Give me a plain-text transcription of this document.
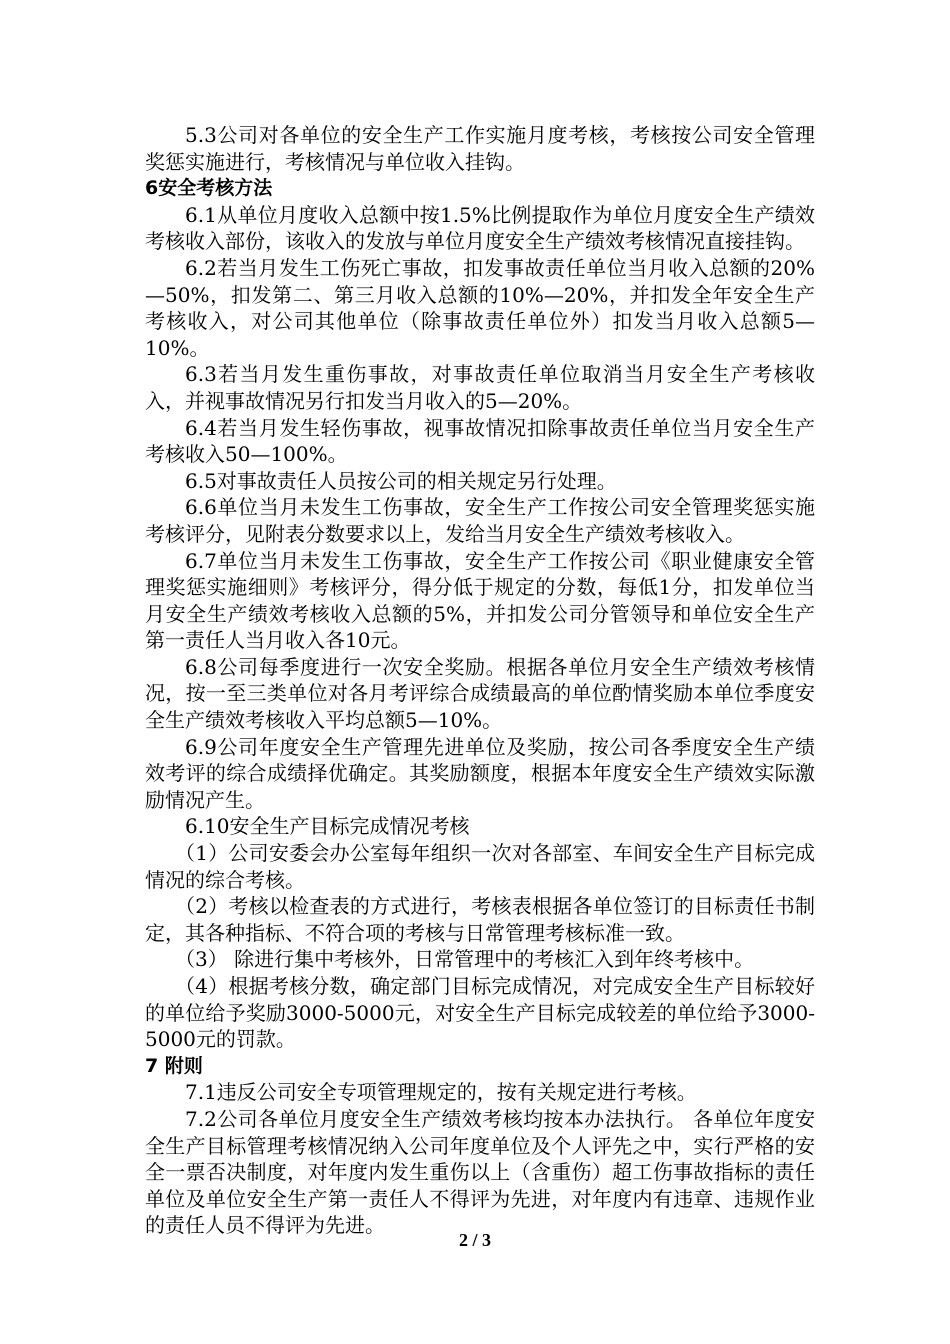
5.3公司对各单位的安全生产工作实施月度考核，考核按公司安全管理奖惩实施进行，考核情况与单位收入挂钩。

6安全考核方法

6.1从单位月度收入总额中按1.5%比例提取作为单位月度安全生产绩效考核收入部份，该收入的发放与单位月度安全生产绩效考核情况直接挂钩。

6.2若当月发生工伤死亡事故，扣发事故责任单位当月收入总额的20%—50%，扣发第二、第三月收入总额的10%—20%，并扣发全年安全生产考核收入，对公司其他单位（除事故责任单位外）扣发当月收入总额5—10%。

6.3若当月发生重伤事故，对事故责任单位取消当月安全生产考核收入，并视事故情况另行扣发当月收入的5—20%。

6.4若当月发生轻伤事故，视事故情况扣除事故责任单位当月安全生产考核收入50—100%。

6.5对事故责任人员按公司的相关规定另行处理。

6.6单位当月未发生工伤事故，安全生产工作按公司安全管理奖惩实施考核评分，见附表分数要求以上，发给当月安全生产绩效考核收入。

6.7单位当月未发生工伤事故，安全生产工作按公司《职业健康安全管理奖惩实施细则》考核评分，得分低于规定的分数，每低1分，扣发单位当月安全生产绩效考核收入总额的5%，并扣发公司分管领导和单位安全生产第一责任人当月收入各10元。

6.8公司每季度进行一次安全奖励。根据各单位月安全生产绩效考核情况，按一至三类单位对各月考评综合成绩最高的单位酌情奖励本单位季度安全生产绩效考核收入平均总额5—10%。

6.9公司年度安全生产管理先进单位及奖励，按公司各季度安全生产绩效考评的综合成绩择优确定。其奖励额度，根据本年度安全生产绩效实际激励情况产生。

6.10安全生产目标完成情况考核

（1）公司安委会办公室每年组织一次对各部室、车间安全生产目标完成情况的综合考核。

（2）考核以检查表的方式进行，考核表根据各单位签订的目标责任书制定，其各种指标、不符合项的考核与日常管理考核标准一致。

（3） 除进行集中考核外，日常管理中的考核汇入到年终考核中。

（4）根据考核分数，确定部门目标完成情况，对完成安全生产目标较好的单位给予奖励3000-5000元，对安全生产目标完成较差的单位给予3000-5000元的罚款。

7 附则

7.1违反公司安全专项管理规定的，按有关规定进行考核。

7.2公司各单位月度安全生产绩效考核均按本办法执行。 各单位年度安全生产目标管理考核情况纳入公司年度单位及个人评先之中，实行严格的安全一票否决制度，对年度内发生重伤以上（含重伤）超工伤事故指标的责任单位及单位安全生产第一责任人不得评为先进，对年度内有违章、违规作业的责任人员不得评为先进。

2 / 3
